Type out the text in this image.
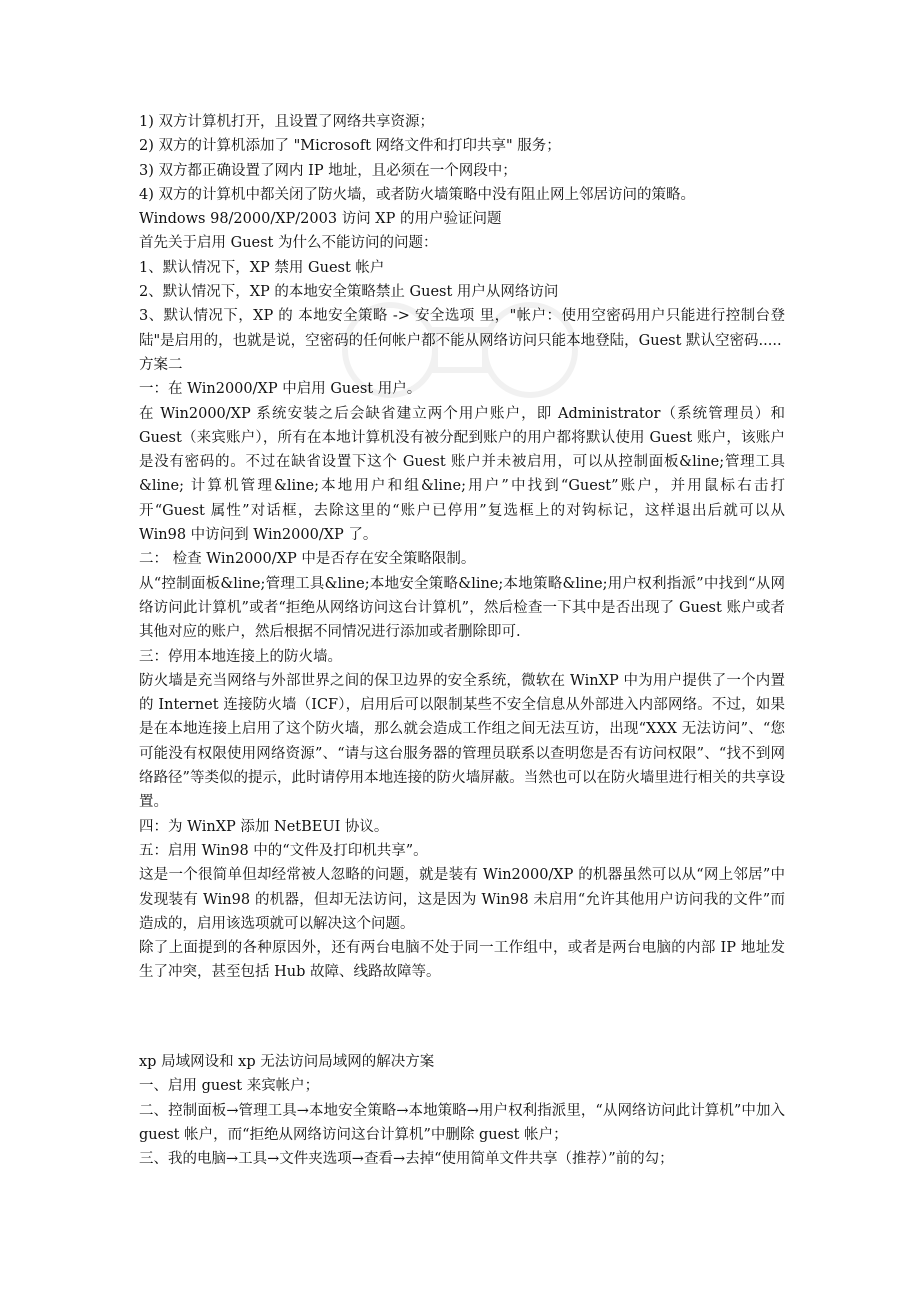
1) 双方计算机打开，且设置了网络共享资源；

2) 双方的计算机添加了 "Microsoft 网络文件和打印共享" 服务；

3) 双方都正确设置了网内 IP 地址，且必须在一个网段中；

4) 双方的计算机中都关闭了防火墙，或者防火墙策略中没有阻止网上邻居访问的策略。

Windows 98/2000/XP/2003 访问 XP 的用户验证问题

首先关于启用 Guest 为什么不能访问的问题：

1、默认情况下，XP 禁用 Guest 帐户

2、默认情况下，XP 的本地安全策略禁止 Guest 用户从网络访问

3、默认情况下，XP 的 本地安全策略 -> 安全选项 里，"帐户：使用空密码用户只能进行控制台登陆"是启用的，也就是说，空密码的任何帐户都不能从网络访问只能本地登陆，Guest 默认空密码.....

方案二

一：在 Win2000/XP 中启用 Guest 用户。

在 Win2000/XP 系统安装之后会缺省建立两个用户账户，即 Administrator（系统管理员）和 Guest（来宾账户），所有在本地计算机没有被分配到账户的用户都将默认使用 Guest 账户，该账户是没有密码的。不过在缺省设置下这个 Guest 账户并未被启用，可以从控制面板&line;管理工具&line; 计算机管理&line;本地用户和组&line;用户”中找到“Guest”账户，并用鼠标右击打开“Guest 属性”对话框，去除这里的“账户已停用”复选框上的对钩标记，这样退出后就可以从 Win98 中访问到 Win2000/XP 了。

二： 检查 Win2000/XP 中是否存在安全策略限制。

从“控制面板&line;管理工具&line;本地安全策略&line;本地策略&line;用户权利指派”中找到“从网络访问此计算机”或者“拒绝从网络访问这台计算机”，然后检查一下其中是否出现了 Guest 账户或者其他对应的账户，然后根据不同情况进行添加或者删除即可.

三：停用本地连接上的防火墙。

防火墙是充当网络与外部世界之间的保卫边界的安全系统，微软在 WinXP 中为用户提供了一个内置的 Internet 连接防火墙（ICF），启用后可以限制某些不安全信息从外部进入内部网络。不过，如果是在本地连接上启用了这个防火墙，那么就会造成工作组之间无法互访，出现“XXX 无法访问”、“您可能没有权限使用网络资源”、“请与这台服务器的管理员联系以查明您是否有访问权限”、“找不到网络路径”等类似的提示，此时请停用本地连接的防火墙屏蔽。当然也可以在防火墙里进行相关的共享设置。

四：为 WinXP 添加 NetBEUI 协议。

五：启用 Win98 中的“文件及打印机共享”。

这是一个很简单但却经常被人忽略的问题，就是装有 Win2000/XP 的机器虽然可以从“网上邻居”中发现装有 Win98 的机器，但却无法访问，这是因为 Win98 未启用“允许其他用户访问我的文件”而造成的，启用该选项就可以解决这个问题。

除了上面提到的各种原因外，还有两台电脑不处于同一工作组中，或者是两台电脑的内部 IP 地址发生了冲突，甚至包括 Hub 故障、线路故障等。

xp 局域网设和 xp 无法访问局域网的解决方案

一、启用 guest 来宾帐户；

二、控制面板→管理工具→本地安全策略→本地策略→用户权利指派里，“从网络访问此计算机”中加入 guest 帐户，而“拒绝从网络访问这台计算机”中删除 guest 帐户；

三、我的电脑→工具→文件夹选项→查看→去掉“使用简单文件共享（推荐）”前的勾；
